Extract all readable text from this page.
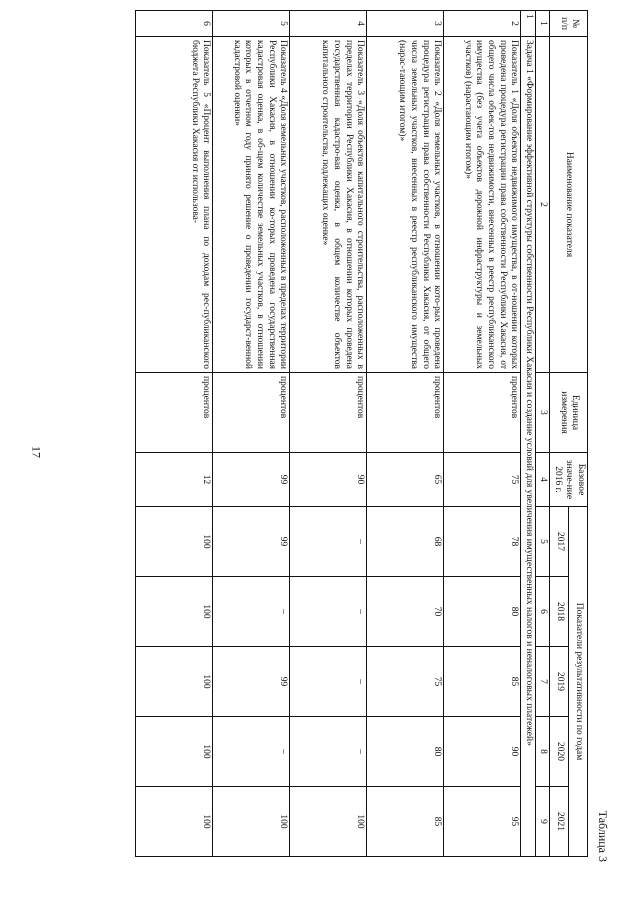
17
Таблица 3
№ п/п	Наименование показателя	Единица измерения	Базовое значе-ние 2016 г.	Показатели результативности по годам				
				2017	2018	2019	2020	2021
1	2	3	4	5	6	7	8	9
1	Задача 1 «Формирование эффективной структуры собственности Республики Хакасия и создание условий для увеличения имущественных налогов и неналоговых платежей»							
2	Показатель 1 «Доля объектов недвижимого имущества, в от-ношении которых проведена процедура регистрации права собственности Республики Хакасия, от общего числа объек-тов недвижимости, внесенных в реестр республиканского имущества (без учета объектов дорожной инфраструктуры и земельных участков) (нарастающим итогом)»	процентов	75	78	80	85	90	95
3	Показатель 2 «Доля земельных участков, в отношении кото-рых проведена процедура регистрации права собственности Республики Хакасия, от общего числа земельных участков, внесенных в реестр республиканского имущества (нарас-тающим итогом)»	процентов	65	68	70	75	80	85
4	Показатель 3 «Доля объектов капитального строительства, расположенных в пределах территории Республики Хакасия, в отношении которых проведена государственная кадастро-вая оценка, в общем количестве объектов капитального строительства, подлежащих оценке»	процентов	90	–	–	–	–	100
5	Показатель 4 «Доля земельных участков, расположенных в пределах территории Республики Хакасия, в отношении ко-торых проведена государственная кадастровая оценка, в об-щем количестве земельных участков, в отношении которых в отчетном году принято решение о проведении государст-венной кадастровой оценки»	процентов	99	99	–	99	–	100
6	Показатель 5 «Процент выполнения плана по доходам рес-публиканского бюджета Республики Хакасия от использова-	процентов	12	100	100	100	100	100
